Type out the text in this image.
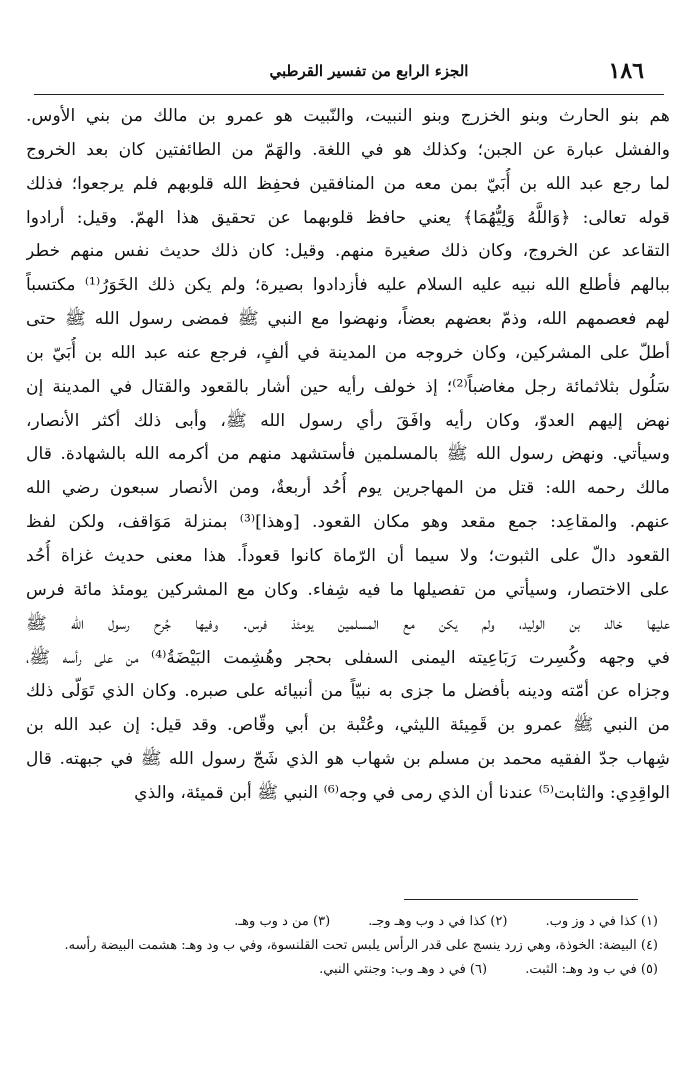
١٨٦
الجزء الرابع من تفسير القرطبي
هم بنو الحارث وبنو الخزرج وبنو النبيت، والنّبيت هو عمرو بن مالك من بني الأوس.
والفشل عبارة عن الجبن؛ وكذلك هو في اللغة. والهَمّ من الطائفتين كان بعد الخروج
لما رجع عبد الله بن أُبَيّ بمن معه من المنافقين فحفِظ الله قلوبهم فلم يرجعوا؛ فذلك
قوله تعالى: ﴿وَاللَّهُ وَلِيُّهُمَا﴾ يعني حافظ قلوبهما عن تحقيق هذا الهمّ. وقيل: أرادوا
التقاعد عن الخروج، وكان ذلك صغيرة منهم. وقيل: كان ذلك حديث نفس منهم خطر
ببالهم فأطلع الله نبيه عليه السلام عليه فأزدادوا بصيرة؛ ولم يكن ذلك الخَوَرُ⁽¹⁾ مكتسباً
لهم فعصمهم الله، وذمّ بعضهم بعضاً، ونهضوا مع النبي ﷺ فمضى رسول الله ﷺ حتى
أطلّ على المشركين، وكان خروجه من المدينة في ألفٍ، فرجع عنه عبد الله بن أُبَيّ بن
سَلُول بثلاثمائة رجل مغاضباً⁽²⁾؛ إذ خولف رأيه حين أشار بالقعود والقتال في المدينة إن
نهض إليهم العدوّ، وكان رأيه وافَقَ رأي رسول الله ﷺ، وأبى ذلك أكثر الأنصار،
وسيأتي. ونهض رسول الله ﷺ بالمسلمين فأستشهد منهم من أكرمه الله بالشهادة. قال
مالك رحمه الله: قتل من المهاجرين يوم أُحُد أربعةٌ، ومن الأنصار سبعون رضي الله
عنهم. والمقاعِد: جمع مقعد وهو مكان القعود. [وهذا]⁽³⁾ بمنزلة مَوَاقف، ولكن لفظ
القعود دالّ على الثبوت؛ ولا سيما أن الرّماة كانوا قعوداً. هذا معنى حديث غزاة أُحُد
على الاختصار، وسيأتي من تفصيلها ما فيه شِفاء. وكان مع المشركين يومئذ مائة فرس
عليها خالد بن الوليد، ولم يكن مع المسلمين يومئذ فرس. وفيها جُرح رسول الله ﷺ
في وجهه وكُسِرت رَبَاعِيته اليمنى السفلى بحجر وهُشِمت البَيْضَةُ⁽⁴⁾ من على رأسه ﷺ،
وجزاه عن أمّته ودينه بأفضل ما جزى به نبيّاً من أنبيائه على صبره. وكان الذي تَوَلّى ذلك
من النبي ﷺ عمرو بن قَمِيئة الليثي، وعُتْبة بن أبي وقّاص. وقد قيل: إن عبد الله بن
شِهاب جدّ الفقيه محمد بن مسلم بن شهاب هو الذي شَجّ رسول الله ﷺ في جبهته. قال
الواقِدِي: والثابت⁽⁵⁾ عندنا أن الذي رمى في وجه⁽⁶⁾ النبي ﷺ أبن قميئة، والذي
(١) كذا في د وز وب. (٢) كذا في د وب وهـ وجـ. (٣) من د وب وهـ.
(٤) البيضة: الخوذة، وهي زرد ينسج على قدر الرأس يلبس تحت القلنسوة، وفي ب ود وهـ: هشمت البيضة رأسه.
(٥) في ب ود وهـ: الثبت. (٦) في د وهـ وب: وجنتي النبي.
